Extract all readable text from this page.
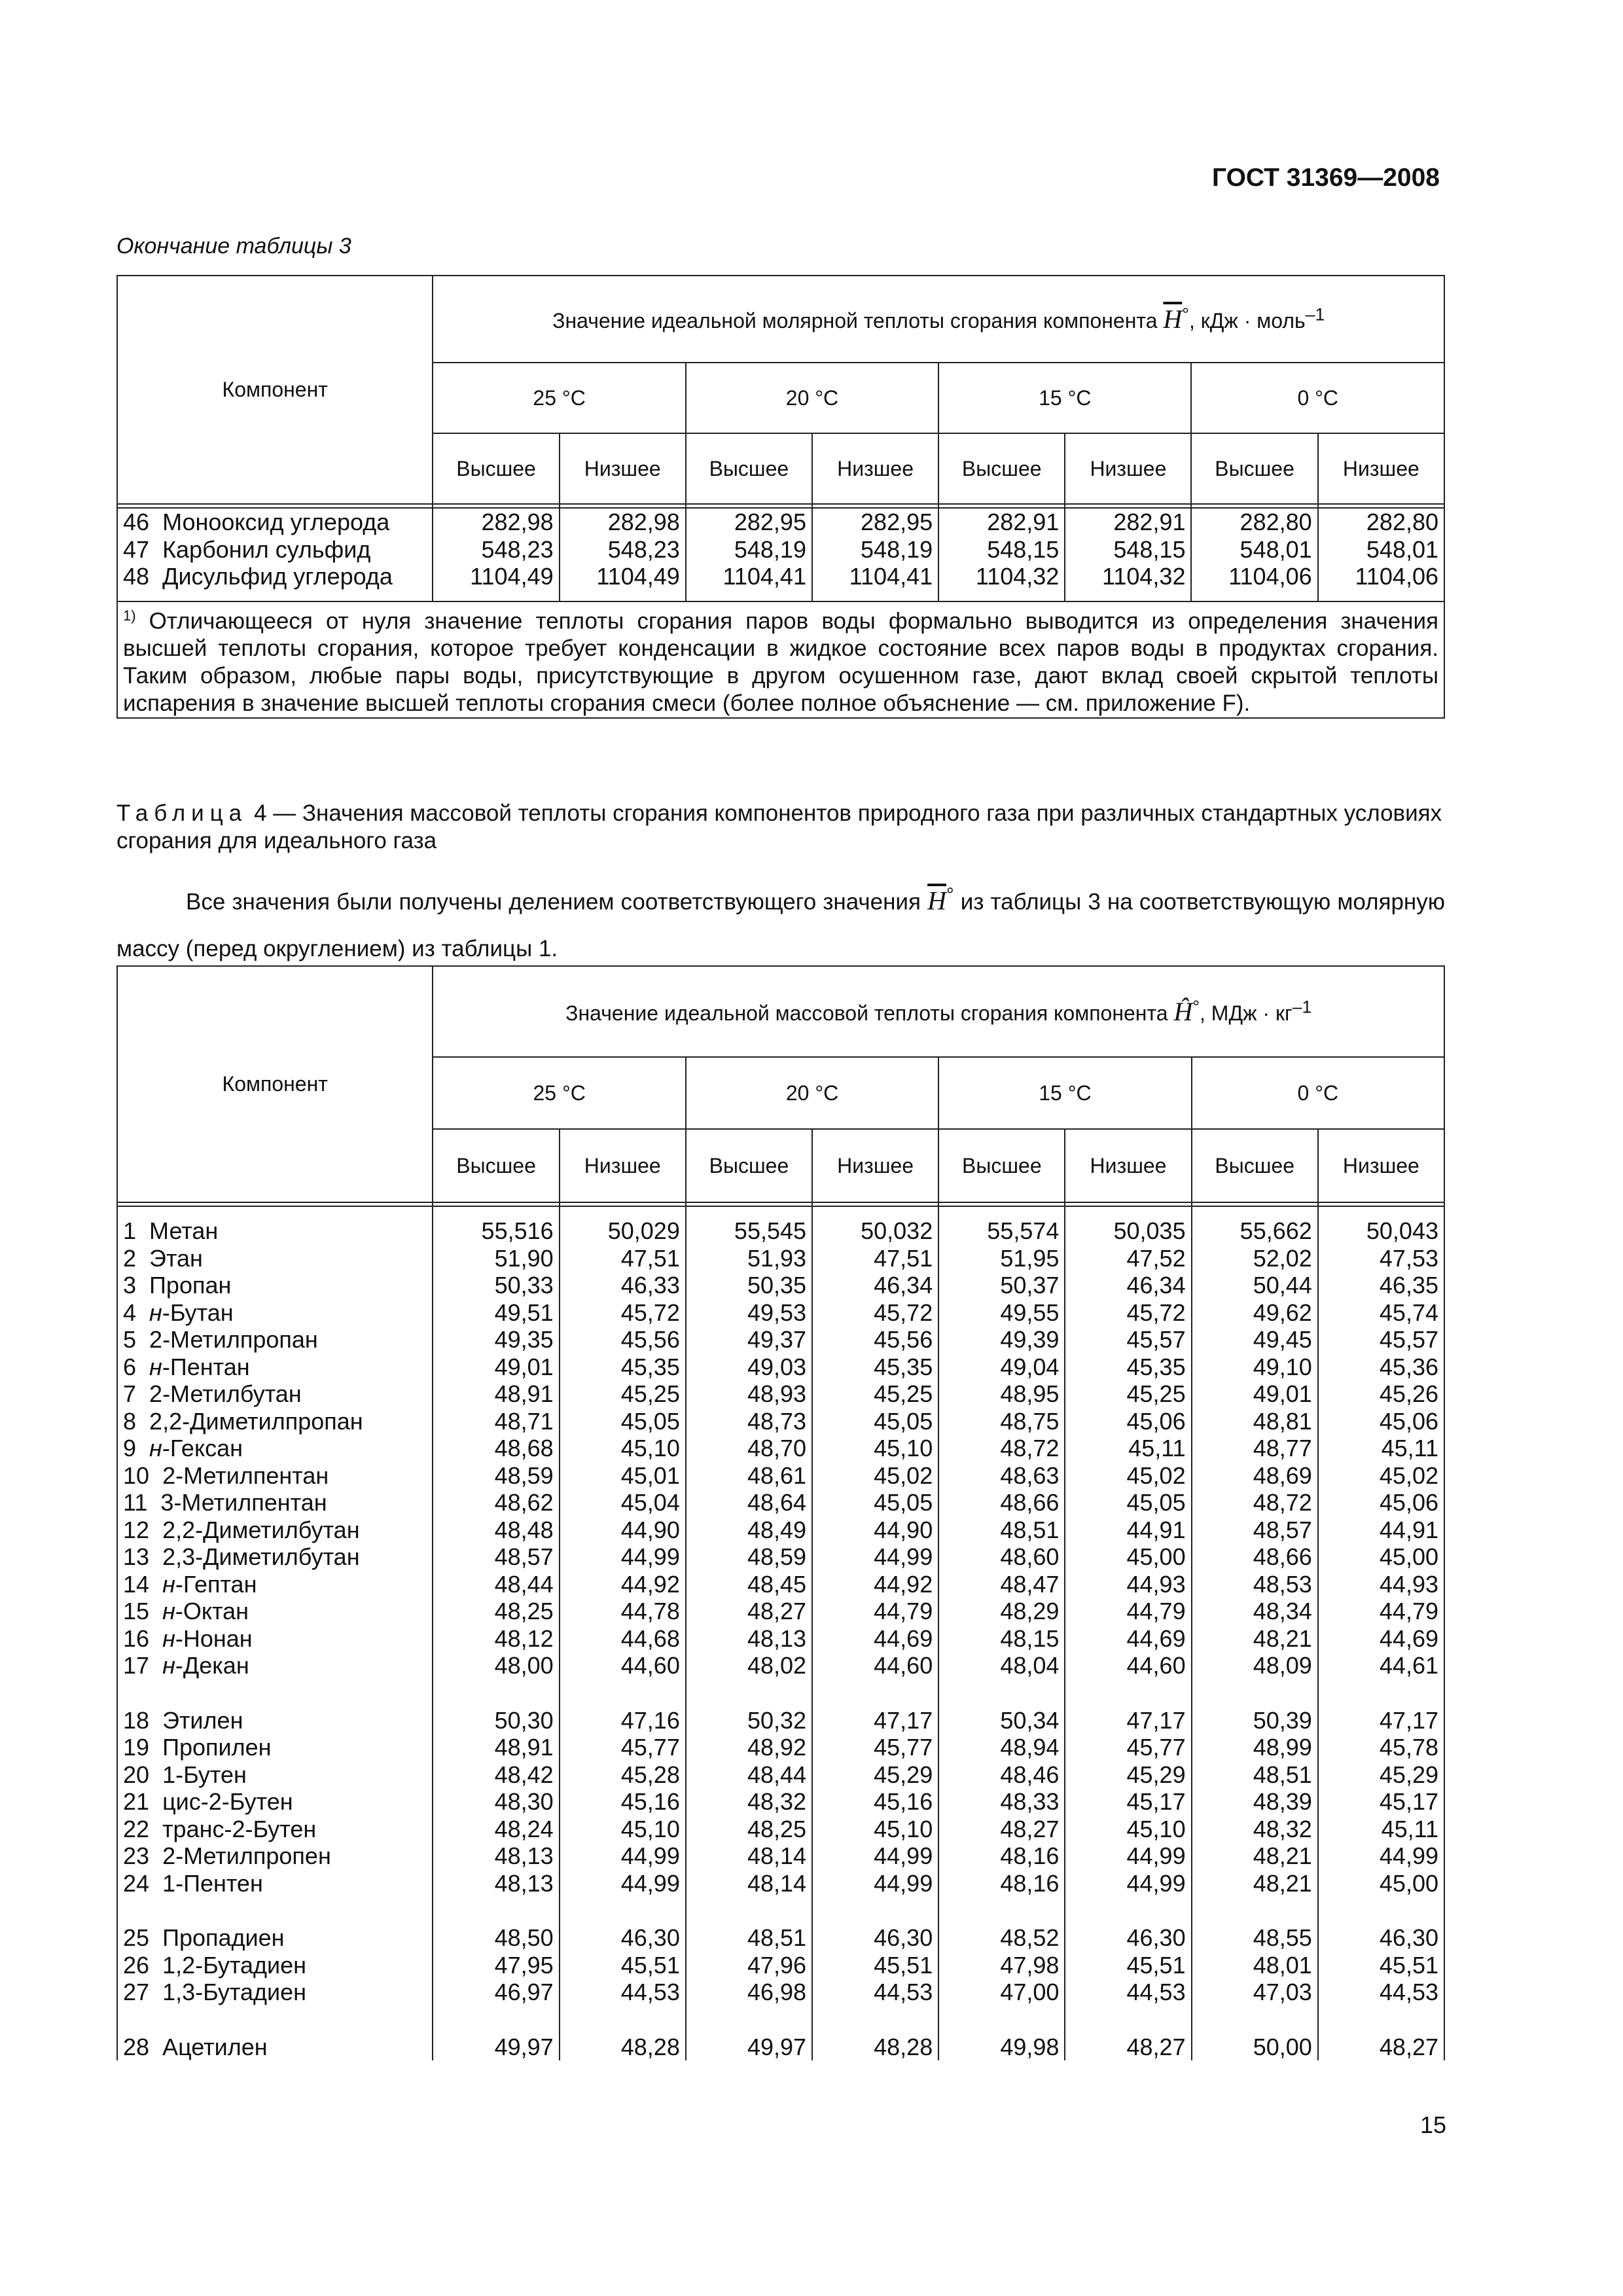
ГОСТ 31369—2008
Окончание таблицы 3
Компонент	Значение идеальной молярной теплоты сгорания компонента $\overline{H}^\circ$, кДж · моль$^{-1}$
	25 °С		20 °С		15 °С		0 °С	
	Высшее	Низшее	Высшее	Низшее	Высшее	Низшее	Высшее	Низшее

46 Монооксид углерода	282,98	282,98	282,95	282,95	282,91	282,91	282,80	282,80
47 Карбонил сульфид	548,23	548,23	548,19	548,19	548,15	548,15	548,01	548,01
48 Дисульфид углерода	1104,49	1104,49	1104,41	1104,41	1104,32	1104,32	1104,06	1104,06

$^{1)}$ Отличающееся от нуля значение теплоты сгорания паров воды формально выводится из определения значения высшей теплоты сгорания, которое требует конденсации в жидкое состояние всех паров воды в продуктах сгорания. Таким образом, любые пары воды, присутствующие в другом осушенном газе, дают вклад своей скрытой теплоты испарения в значение высшей теплоты сгорания смеси (более полное объяснение — см. приложение F).								
Таблица 4 — Значения массовой теплоты сгорания компонентов природного газа при различных стандартных условиях сгорания для идеального газа
Все значения были получены делением соответствующего значения $\overline{H}^\circ$ из таблицы 3 на соответствующую молярную массу (перед округлением) из таблицы 1.
Компонент	Значение идеальной массовой теплоты сгорания компонента Ĥ°, МДж · $кг^{-1}$
	25 °С		20 °С		15 °С		0 °С	
	Высшее	Низшее	Высшее	Низшее	Высшее	Низшее	Высшее	Низшее

1 Метан	55,516	50,029	55,545	50,032	55,574	50,035	55,662	50,043
2 Этан	51,90	47,51	51,93	47,51	51,95	47,52	52,02	47,53
3 Пропан	50,33	46,33	50,35	46,34	50,37	46,34	50,44	46,35
4 н-Бутан	49,51	45,72	49,53	45,72	49,55	45,72	49,62	45,74
5 2-Метилпропан	49,35	45,56	49,37	45,56	49,39	45,57	49,45	45,57
6 н-Пентан	49,01	45,35	49,03	45,35	49,04	45,35	49,10	45,36
7 2-Метилбутан	48,91	45,25	48,93	45,25	48,95	45,25	49,01	45,26
8 2,2-Диметилпропан	48,71	45,05	48,73	45,05	48,75	45,06	48,81	45,06
9 н-Гексан	48,68	45,10	48,70	45,10	48,72	45,11	48,77	45,11
10 2-Метилпентан	48,59	45,01	48,61	45,02	48,63	45,02	48,69	45,02
11 3-Метилпентан	48,62	45,04	48,64	45,05	48,66	45,05	48,72	45,06
12 2,2-Диметилбутан	48,48	44,90	48,49	44,90	48,51	44,91	48,57	44,91
13 2,3-Диметилбутан	48,57	44,99	48,59	44,99	48,60	45,00	48,66	45,00
14 н-Гептан	48,44	44,92	48,45	44,92	48,47	44,93	48,53	44,93
15 н-Октан	48,25	44,78	48,27	44,79	48,29	44,79	48,34	44,79
16 н-Нонан	48,12	44,68	48,13	44,69	48,15	44,69	48,21	44,69
17 н-Декан	48,00	44,60	48,02	44,60	48,04	44,60	48,09	44,61

18 Этилен	50,30	47,16	50,32	47,17	50,34	47,17	50,39	47,17
19 Пропилен	48,91	45,77	48,92	45,77	48,94	45,77	48,99	45,78
20 1-Бутен	48,42	45,28	48,44	45,29	48,46	45,29	48,51	45,29
21 цис-2-Бутен	48,30	45,16	48,32	45,16	48,33	45,17	48,39	45,17
22 транс-2-Бутен	48,24	45,10	48,25	45,10	48,27	45,10	48,32	45,11
23 2-Метилпропен	48,13	44,99	48,14	44,99	48,16	44,99	48,21	44,99
24 1-Пентен	48,13	44,99	48,14	44,99	48,16	44,99	48,21	45,00

25 Пропадиен	48,50	46,30	48,51	46,30	48,52	46,30	48,55	46,30
26 1,2-Бутадиен	47,95	45,51	47,96	45,51	47,98	45,51	48,01	45,51
27 1,3-Бутадиен	46,97	44,53	46,98	44,53	47,00	44,53	47,03	44,53

28 Ацетилен	49,97	48,28	49,97	48,28	49,98	48,27	50,00	48,27
15
